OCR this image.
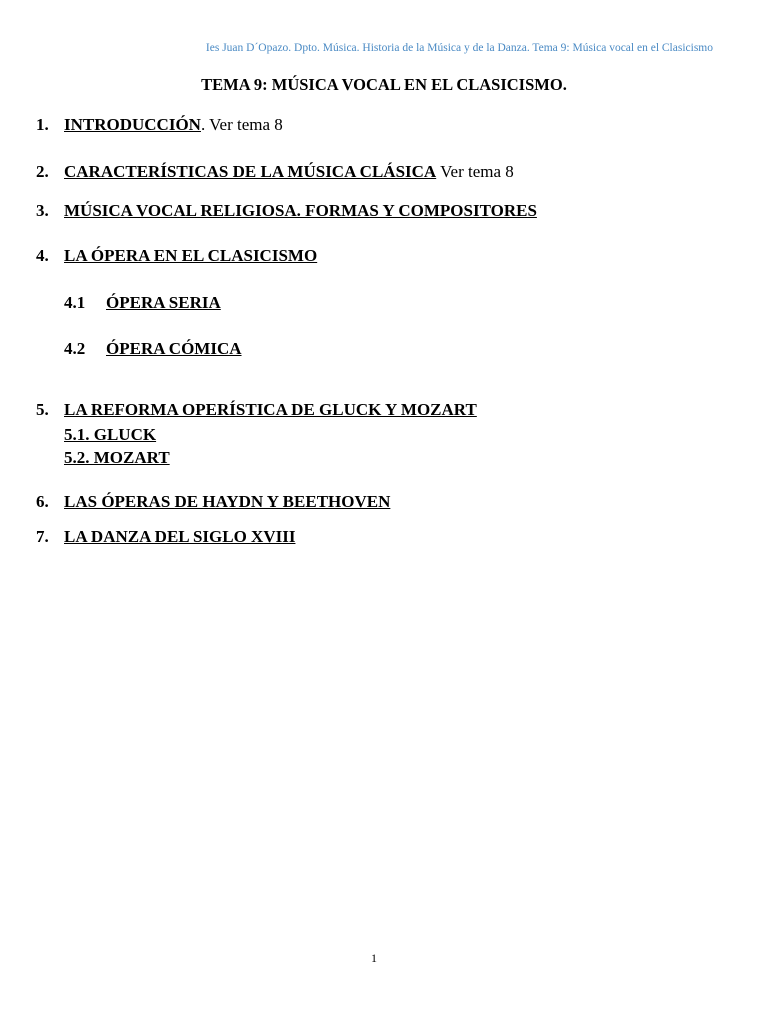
Ies Juan D´Opazo. Dpto. Música. Historia de la Música y de la Danza. Tema 9: Música vocal en el Clasicismo
TEMA 9: MÚSICA VOCAL EN EL CLASICISMO.
1. INTRODUCCIÓN. Ver tema 8
2. CARACTERÍSTICAS DE LA MÚSICA CLÁSICA Ver tema 8
3. MÚSICA VOCAL RELIGIOSA. FORMAS Y COMPOSITORES
4. LA ÓPERA EN EL CLASICISMO
4.1 ÓPERA SERIA
4.2 ÓPERA CÓMICA
5. LA REFORMA OPERÍSTICA DE GLUCK Y MOZART
5.1. GLUCK
5.2. MOZART
6. LAS ÓPERAS DE HAYDN Y BEETHOVEN
7. LA DANZA DEL SIGLO XVIII
1
